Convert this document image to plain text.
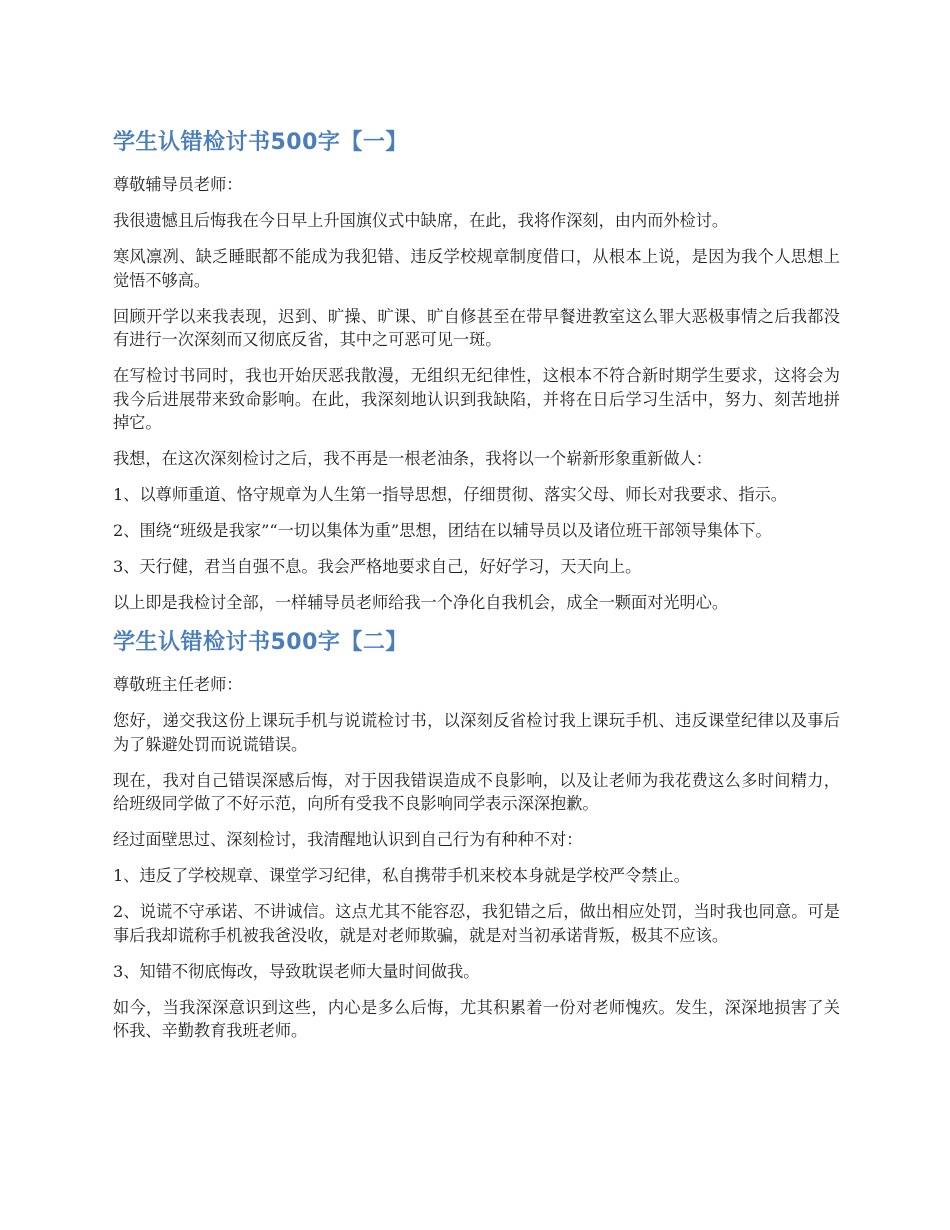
学生认错检讨书500字【一】

尊敬辅导员老师：

我很遗憾且后悔我在今日早上升国旗仪式中缺席，在此，我将作深刻，由内而外检讨。

寒风凛冽、缺乏睡眠都不能成为我犯错、违反学校规章制度借口，从根本上说，是因为我个人思想上觉悟不够高。

回顾开学以来我表现，迟到、旷操、旷课、旷自修甚至在带早餐进教室这么罪大恶极事情之后我都没有进行一次深刻而又彻底反省，其中之可恶可见一斑。

在写检讨书同时，我也开始厌恶我散漫，无组织无纪律性，这根本不符合新时期学生要求，这将会为我今后进展带来致命影响。在此，我深刻地认识到我缺陷，并将在日后学习生活中，努力、刻苦地拼掉它。

我想，在这次深刻检讨之后，我不再是一根老油条，我将以一个崭新形象重新做人：

1、以尊师重道、恪守规章为人生第一指导思想，仔细贯彻、落实父母、师长对我要求、指示。

2、围绕“班级是我家”“一切以集体为重”思想，团结在以辅导员以及诸位班干部领导集体下。

3、天行健，君当自强不息。我会严格地要求自己，好好学习，天天向上。

以上即是我检讨全部，一样辅导员老师给我一个净化自我机会，成全一颗面对光明心。

学生认错检讨书500字【二】

尊敬班主任老师：

您好，递交我这份上课玩手机与说谎检讨书，以深刻反省检讨我上课玩手机、违反课堂纪律以及事后为了躲避处罚而说谎错误。

现在，我对自己错误深感后悔，对于因我错误造成不良影响，以及让老师为我花费这么多时间精力，给班级同学做了不好示范，向所有受我不良影响同学表示深深抱歉。

经过面壁思过、深刻检讨，我清醒地认识到自己行为有种种不对：

1、违反了学校规章、课堂学习纪律，私自携带手机来校本身就是学校严令禁止。

2、说谎不守承诺、不讲诚信。这点尤其不能容忍，我犯错之后，做出相应处罚，当时我也同意。可是事后我却谎称手机被我爸没收，就是对老师欺骗，就是对当初承诺背叛，极其不应该。

3、知错不彻底悔改，导致耽误老师大量时间做我。

如今，当我深深意识到这些，内心是多么后悔，尤其积累着一份对老师愧疚。发生，深深地损害了关怀我、辛勤教育我班老师。
